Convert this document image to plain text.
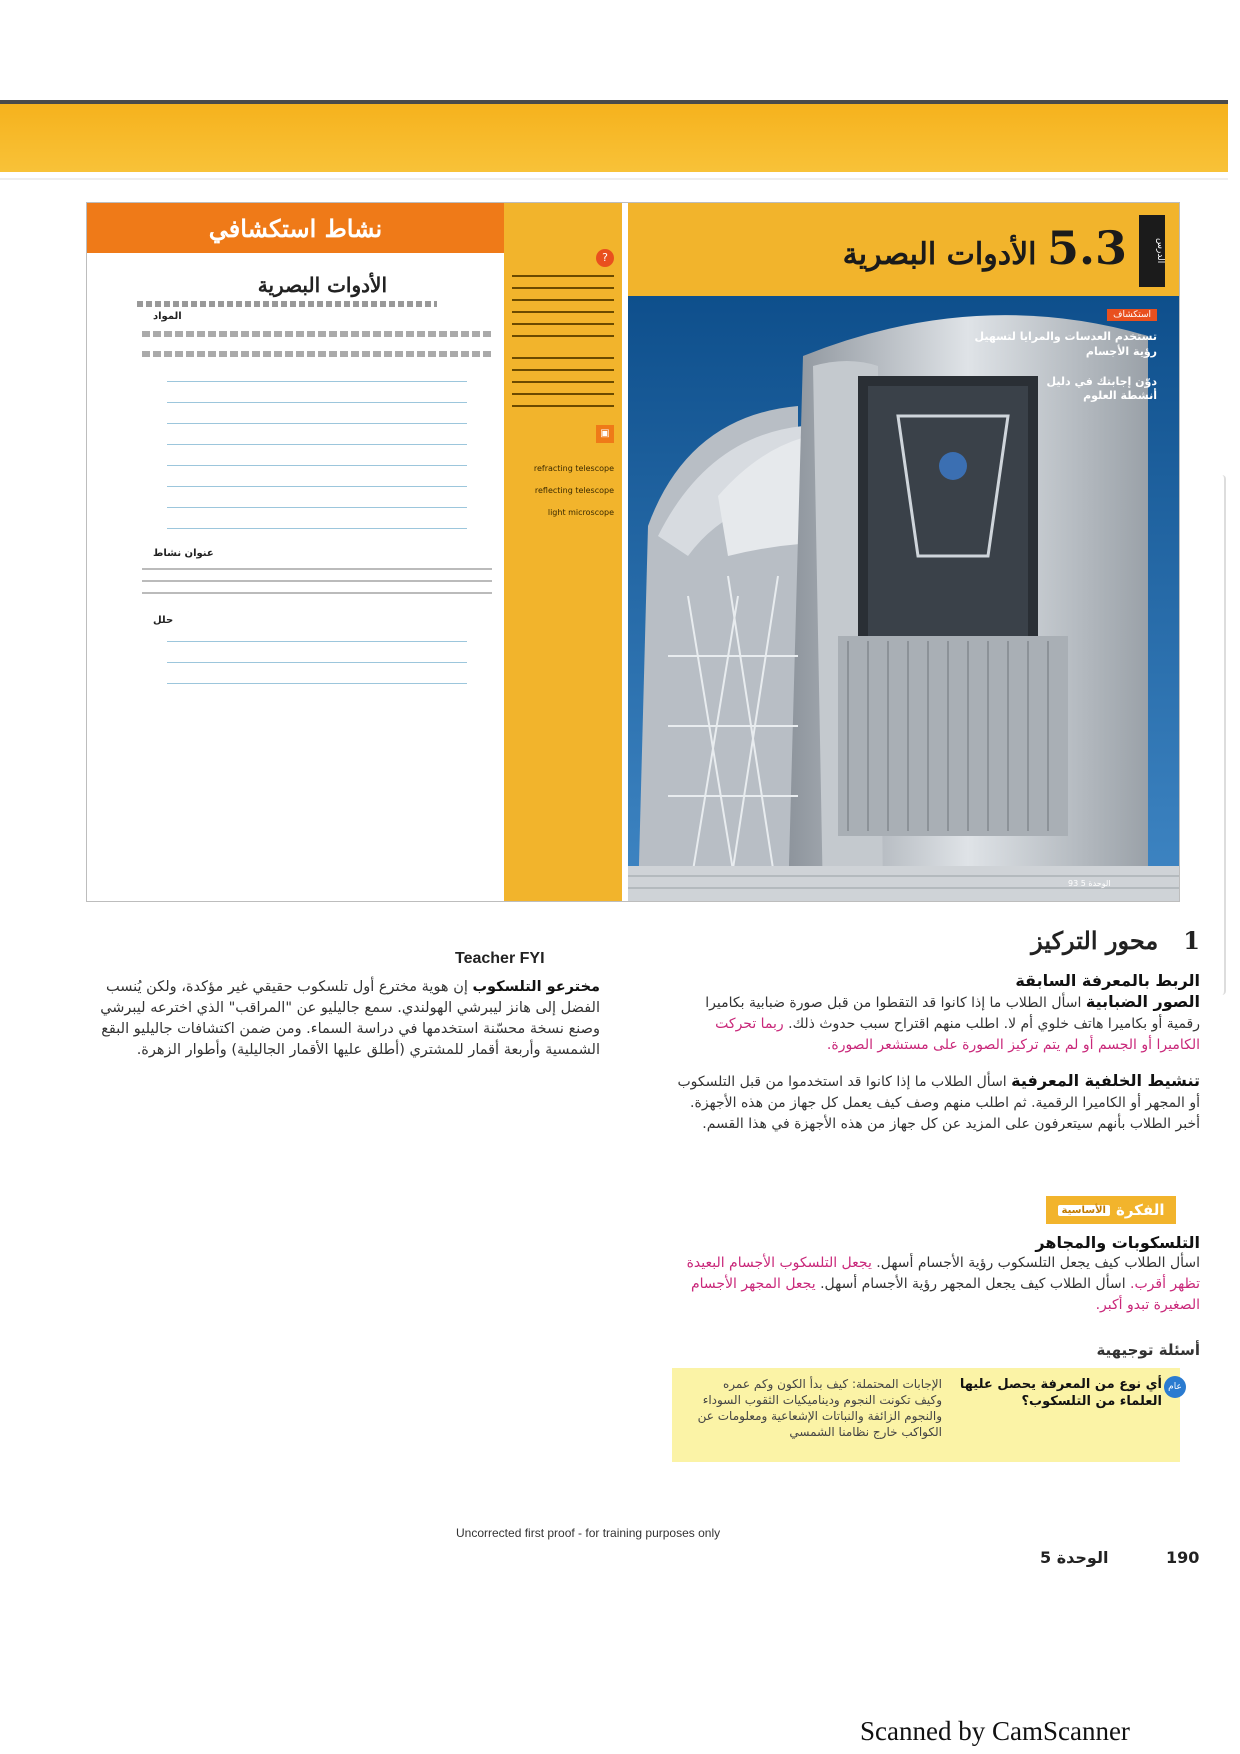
ﻧﺸﺎط اﺳﺘﻜﺸﺎﻓﻲ
اﻷدوات اﻟﺒﺼﺮﻳﺔ
اﻟﻤﻮاد
ﻋﻨﻮان ﻧﺸﺎط
ﺣﻠﻞ
?
▣
refracting telescope
reflecting telescope
light microscope
الدرس
5.3 الأدوات البصرية
استكشاف
تستخدم العدسات والمرايا لتسهيل رؤية الأجسام
دوّن إجابتك في دليل أنشطة العلوم
الوحدة 5 93
Teacher FYI
مخترعو التلسكوب إن هوية مخترع أول تلسكوب حقيقي غير مؤكدة، ولكن يُنسب الفضل إلى هانز ليبرشي الهولندي. سمع جاليليو عن "المراقب" الذي اخترعه ليبرشي وصنع نسخة محسّنة استخدمها في دراسة السماء. ومن ضمن اكتشافات جاليليو البقع الشمسية وأربعة أقمار للمشتري (أطلق عليها الأقمار الجاليلية) وأطوار الزهرة.
1   محور التركيز
الربط بالمعرفة السابقة
الصور الضبابية اسأل الطلاب ما إذا كانوا قد التقطوا من قبل صورة ضبابية بكاميرا رقمية أو بكاميرا هاتف خلوي أم لا. اطلب منهم اقتراح سبب حدوث ذلك. ربما تحركت الكاميرا أو الجسم أو لم يتم تركيز الصورة على مستشعر الصورة.
تنشيط الخلفية المعرفية اسأل الطلاب ما إذا كانوا قد استخدموا من قبل التلسكوب أو المجهر أو الكاميرا الرقمية. ثم اطلب منهم وصف كيف يعمل كل جهاز من هذه الأجهزة. أخبر الطلاب بأنهم سيتعرفون على المزيد عن كل جهاز من هذه الأجهزة في هذا القسم.
الفكرة
الأساسية
التلسكوبات والمجاهر
اسأل الطلاب كيف يجعل التلسكوب رؤية الأجسام أسهل. يجعل التلسكوب الأجسام البعيدة تظهر أقرب. اسأل الطلاب كيف يجعل المجهر رؤية الأجسام أسهل. يجعل المجهر الأجسام الصغيرة تبدو أكبر.
أسئلة توجيهية
عام
أي نوع من المعرفة يحصل عليها العلماء من التلسكوب؟
الإجابات المحتملة: كيف بدأ الكون وكم عمره وكيف تكونت النجوم وديناميكيات الثقوب السوداء والنجوم الزائفة والنباتات الإشعاعية ومعلومات عن الكواكب خارج نظامنا الشمسي
Uncorrected first proof - for training purposes only
الوحدة 5	190
Scanned by CamScanner
